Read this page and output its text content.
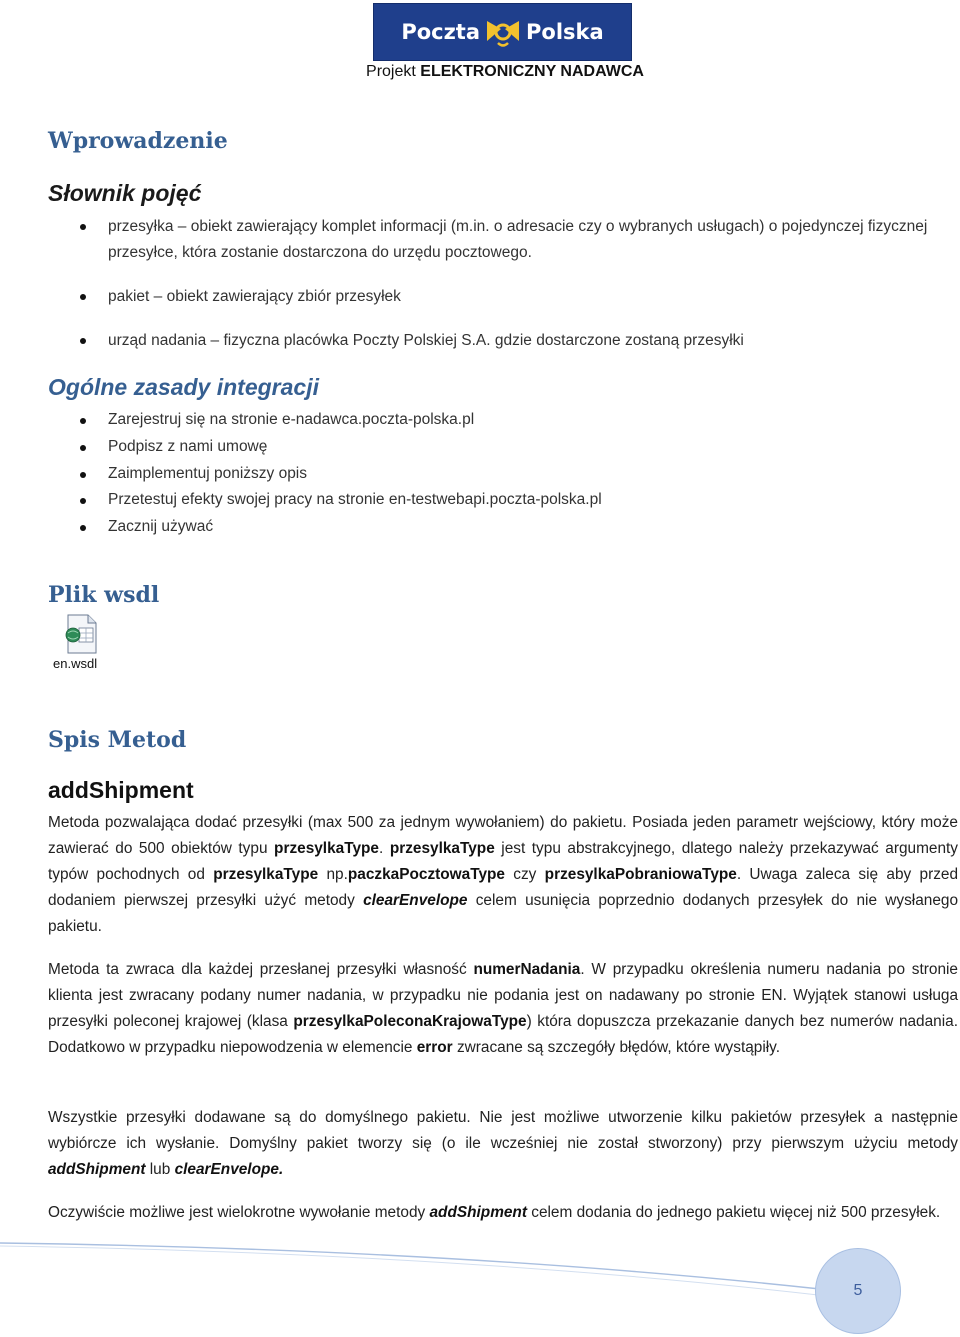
Poczta Polska
Projekt ELEKTRONICZNY NADAWCA
Wprowadzenie
Słownik pojęć
przesyłka – obiekt zawierający komplet informacji (m.in. o adresacie czy o wybranych usługach) o pojedynczej fizycznej przesyłce, która zostanie dostarczona do urzędu pocztowego.
pakiet – obiekt zawierający zbiór przesyłek
urząd nadania – fizyczna placówka Poczty Polskiej S.A. gdzie dostarczone zostaną przesyłki
Ogólne zasady integracji
Zarejestruj się na stronie e-nadawca.poczta-polska.pl
Podpisz z nami umowę
Zaimplementuj poniższy opis
Przetestuj efekty swojej pracy na stronie en-testwebapi.poczta-polska.pl
Zacznij używać
Plik wsdl
en.wsdl
Spis Metod
addShipment

Metoda pozwalająca dodać przesyłki (max 500 za jednym wywołaniem) do pakietu. Posiada jeden parametr wejściowy, który może zawierać do 500 obiektów typu przesylkaType. przesylkaType jest typu abstrakcyjnego, dlatego należy przekazywać argumenty typów pochodnych od przesylkaType np.paczkaPocztowaType czy przesylkaPobraniowaType. Uwaga zaleca się aby przed dodaniem pierwszej przesyłki użyć metody clearEnvelope celem usunięcia poprzednio dodanych przesyłek do nie wysłanego pakietu.

Metoda ta zwraca dla każdej przesłanej przesyłki własność numerNadania. W przypadku określenia numeru nadania po stronie klienta jest zwracany podany numer nadania, w przypadku nie podania jest on nadawany po stronie EN. Wyjątek stanowi usługa przesyłki poleconej krajowej (klasa przesylkaPoleconaKrajowaType) która dopuszcza przekazanie danych bez numerów nadania. Dodatkowo w przypadku niepowodzenia w elemencie error zwracane są szczegóły błędów, które wystąpiły.

Wszystkie przesyłki dodawane są do domyślnego pakietu. Nie jest możliwe utworzenie kilku pakietów przesyłek a następnie wybiórcze ich wysłanie. Domyślny pakiet tworzy się (o ile wcześniej nie został stworzony) przy pierwszym użyciu metody addShipment lub clearEnvelope.

Oczywiście możliwe jest wielokrotne wywołanie metody addShipment celem dodania do jednego pakietu więcej niż 500 przesyłek.

5
